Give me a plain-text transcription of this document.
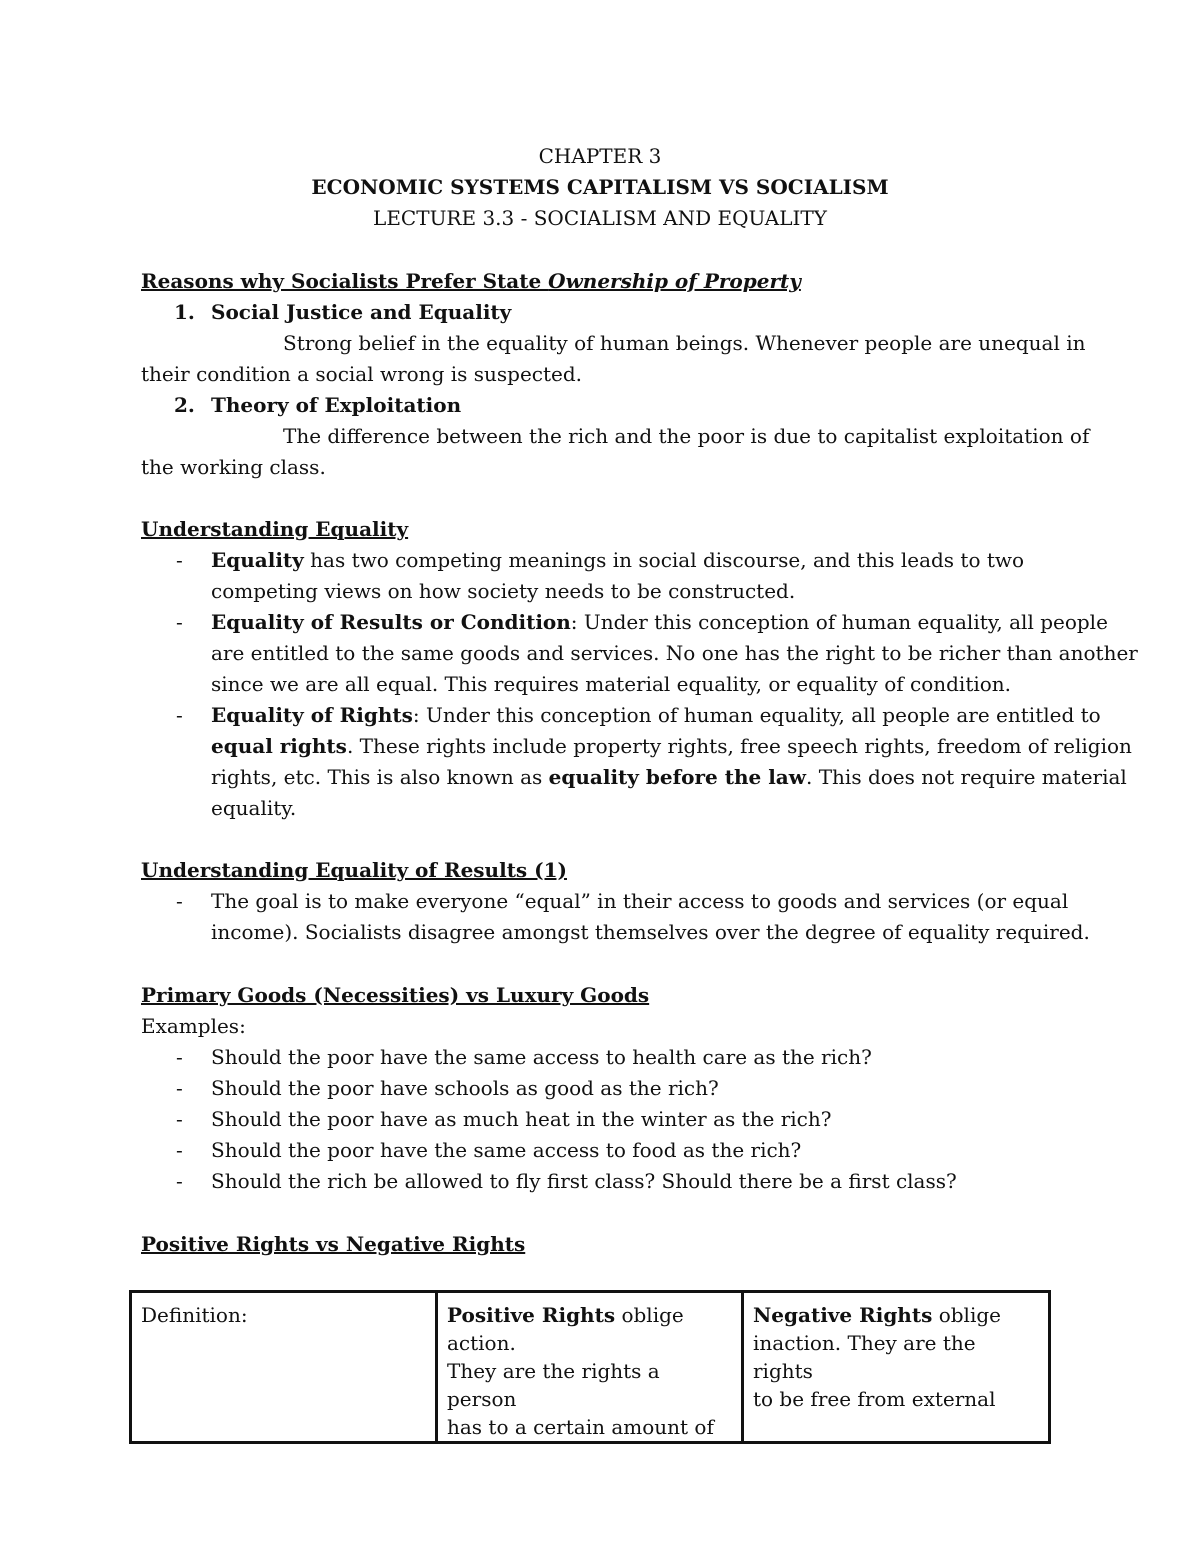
CHAPTER 3
ECONOMIC SYSTEMS CAPITALISM VS SOCIALISM
LECTURE 3.3 - SOCIALISM AND EQUALITY
Reasons why Socialists Prefer State Ownership of Property
1. Social Justice and Equality
Strong belief in the equality of human beings. Whenever people are unequal in
their condition a social wrong is suspected.
2. Theory of Exploitation
The difference between the rich and the poor is due to capitalist exploitation of
the working class.
Understanding Equality
- Equality has two competing meanings in social discourse, and this leads to two
competing views on how society needs to be constructed.
- Equality of Results or Condition: Under this conception of human equality, all people
are entitled to the same goods and services. No one has the right to be richer than another
since we are all equal. This requires material equality, or equality of condition.
- Equality of Rights: Under this conception of human equality, all people are entitled to
equal rights. These rights include property rights, free speech rights, freedom of religion
rights, etc. This is also known as equality before the law. This does not require material
equality.
Understanding Equality of Results (1)
- The goal is to make everyone “equal” in their access to goods and services (or equal
income). Socialists disagree amongst themselves over the degree of equality required.
Primary Goods (Necessities) vs Luxury Goods
Examples:
- Should the poor have the same access to health care as the rich?
- Should the poor have schools as good as the rich?
- Should the poor have as much heat in the winter as the rich?
- Should the poor have the same access to food as the rich?
- Should the rich be allowed to fly first class? Should there be a first class?
Positive Rights vs Negative Rights
Definition:	Positive Rights oblige action.
They are the rights a person
has to a certain amount of	Negative Rights oblige
inaction. They are the rights
to be free from external
